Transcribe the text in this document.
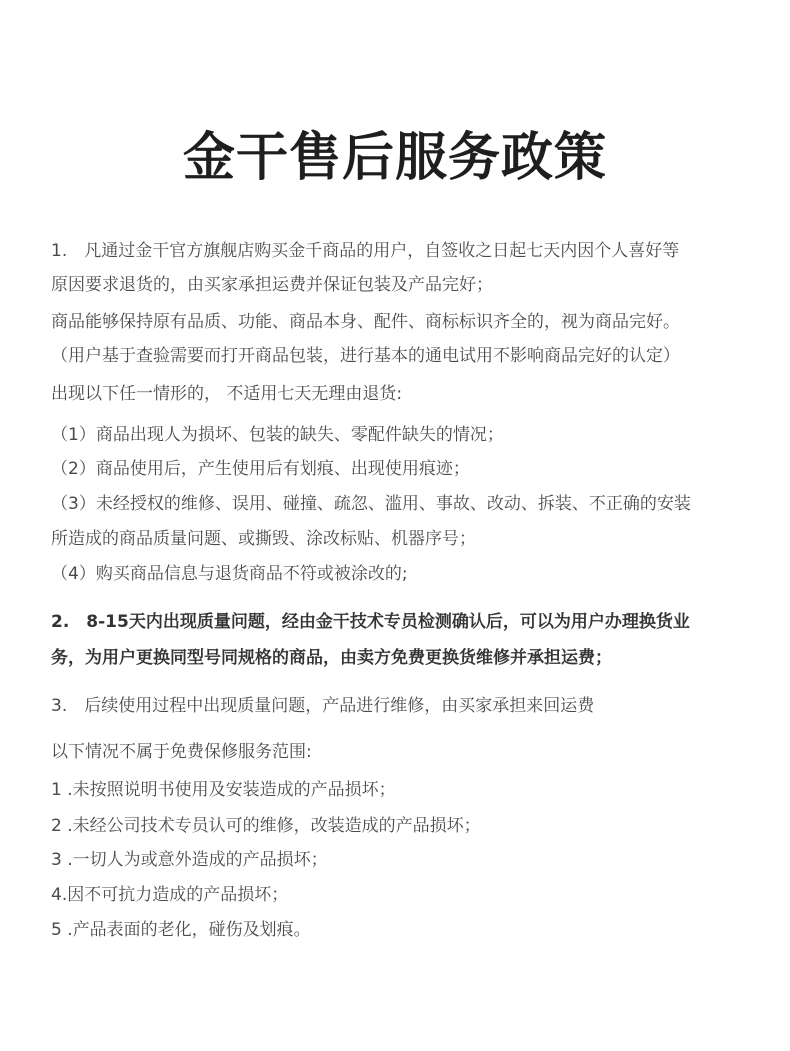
金干售后服务政策
1.　凡通过金干官方旗舰店购买金千商品的用户，自签收之日起七天内因个人喜好等
原因要求退货的，由买家承担运费并保证包装及产品完好；
商品能够保持原有品质、功能、商品本身、配件、商标标识齐全的，视为商品完好。
（用户基于查验需要而打开商品包装，进行基本的通电试用不影响商品完好的认定）
出现以下任一情形的， 不适用七天无理由退货:
（1）商品出现人为损坏、包装的缺失、零配件缺失的情况；
（2）商品使用后，产生使用后有划痕、出现使用痕迹；
（3）未经授权的维修、误用、碰撞、疏忽、滥用、事故、改动、拆装、不正确的安装
所造成的商品质量问题、或撕毁、涂改标贴、机器序号；
（4）购买商品信息与退货商品不符或被涂改的;
2.　8-15天内出现质量问题，经由金干技术专员检测确认后，可以为用户办理换货业
务，为用户更换同型号同规格的商品，由卖方免费更换货维修并承担运费；
3.　后续使用过程中出现质量问题，产品进行维修，由买家承担来回运费
以下情况不属于免费保修服务范围:
1 .未按照说明书使用及安装造成的产品损坏；
2 .未经公司技术专员认可的维修，改装造成的产品损坏；
3 .一切人为或意外造成的产品损坏；
4.因不可抗力造成的产品损坏；
5 .产品表面的老化，碰伤及划痕。
